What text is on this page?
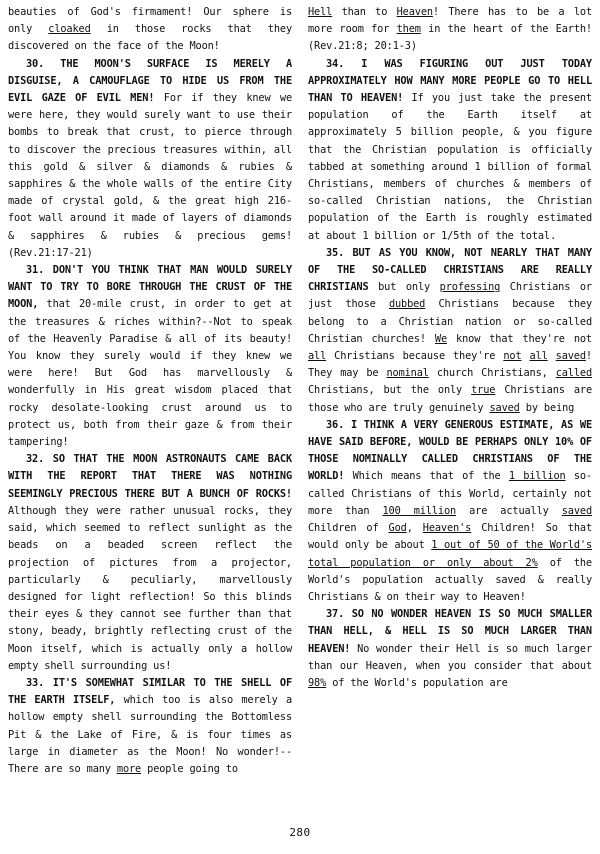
beauties of God's firmament! Our sphere is only cloaked in those rocks that they discovered on the face of the Moon!

30. THE MOON'S SURFACE IS MERELY A DISGUISE, A CAMOUFLAGE TO HIDE US FROM THE EVIL GAZE OF EVIL MEN! For if they knew we were here, they would surely want to use their bombs to break that crust, to pierce through to discover the precious treasures within, all this gold & silver & diamonds & rubies & sapphires & the whole walls of the entire City made of crystal gold, & the great high 216-foot wall around it made of layers of diamonds & sapphires & rubies & precious gems! (Rev.21:17-21)

31. DON'T YOU THINK THAT MAN WOULD SURELY WANT TO TRY TO BORE THROUGH THE CRUST OF THE MOON, that 20-mile crust, in order to get at the treasures & riches within?--Not to speak of the Heavenly Paradise & all of its beauty! You know they surely would if they knew we were here! But God has marvellously & wonderfully in His great wisdom placed that rocky desolate-looking crust around us to protect us, both from their gaze & from their tampering!

32. SO THAT THE MOON ASTRONAUTS CAME BACK WITH THE REPORT THAT THERE WAS NOTHING SEEMINGLY PRECIOUS THERE BUT A BUNCH OF ROCKS! Although they were rather unusual rocks, they said, which seemed to reflect sunlight as the beads on a beaded screen reflect the projection of pictures from a projector, particularly & peculiarly, marvellously designed for light reflection! So this blinds their eyes & they cannot see further than that stony, beady, brightly reflecting crust of the Moon itself, which is actually only a hollow empty shell surrounding us!

33. IT'S SOMEWHAT SIMILAR TO THE SHELL OF THE EARTH ITSELF, which too is also merely a hollow empty shell surrounding the Bottomless Pit & the Lake of Fire, & is four times as large in diameter as the Moon! No wonder!--There are so many more people going to

Hell than to Heaven! There has to be a lot more room for them in the heart of the Earth! (Rev.21:8; 20:1-3)

34. I WAS FIGURING OUT JUST TODAY APPROXIMATELY HOW MANY MORE PEOPLE GO TO HELL THAN TO HEAVEN! If you just take the present population of the Earth itself at approximately 5 billion people, & you figure that the Christian population is officially tabbed at something around 1 billion of formal Christians, members of churches & members of so-called Christian nations, the Christian population of the Earth is roughly estimated at about 1 billion or 1/5th of the total.

35. BUT AS YOU KNOW, NOT NEARLY THAT MANY OF THE SO-CALLED CHRISTIANS ARE REALLY CHRISTIANS but only professing Christians or just those dubbed Christians because they belong to a Christian nation or so-called Christian churches! We know that they're not all Christians because they're not all saved! They may be nominal church Christians, called Christians, but the only true Christians are those who are truly genuinely saved by being

36. I THINK A VERY GENEROUS ESTIMATE, AS WE HAVE SAID BEFORE, WOULD BE PERHAPS ONLY 10% OF THOSE NOMINALLY CALLED CHRISTIANS OF THE WORLD! Which means that of the 1 billion so-called Christians of this World, certainly not more than 100 million are actually saved Children of God, Heaven's Children! So that would only be about 1 out of 50 of the World's total population or only about 2% of the World's population actually saved & really Christians & on their way to Heaven!

37. SO NO WONDER HEAVEN IS SO MUCH SMALLER THAN HELL, & HELL IS SO MUCH LARGER THAN HEAVEN! No wonder their Hell is so much larger than our Heaven, when you consider that about 98% of the World's population are

280
